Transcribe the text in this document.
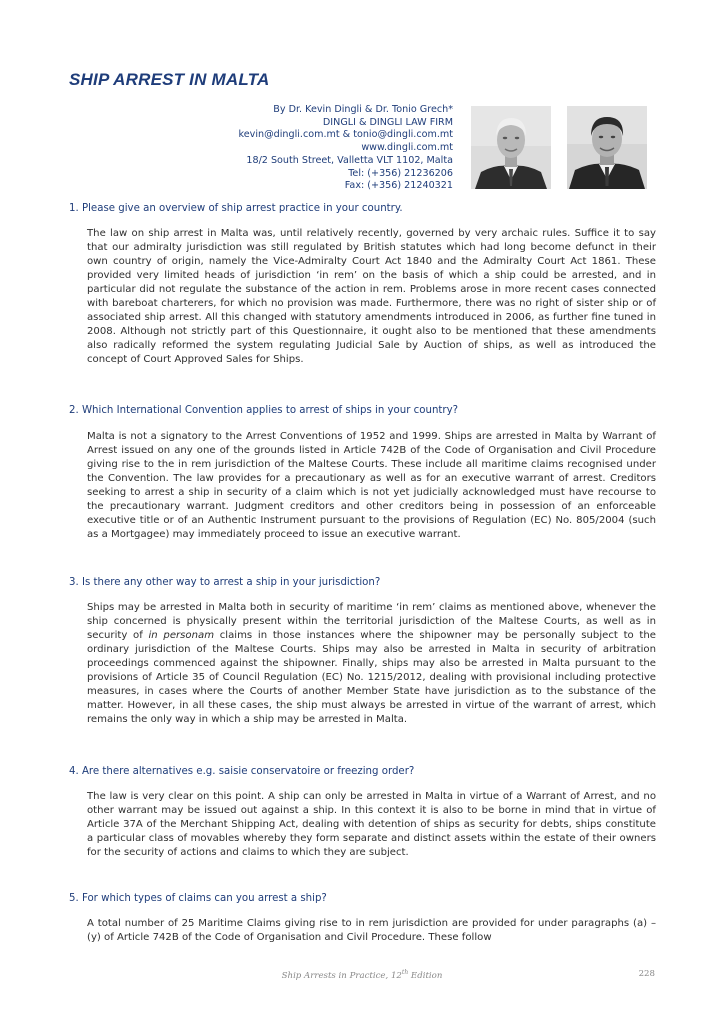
SHIP ARREST IN MALTA
By Dr. Kevin Dingli & Dr. Tonio Grech*
DINGLI & DINGLI LAW FIRM
kevin@dingli.com.mt & tonio@dingli.com.mt
www.dingli.com.mt
18/2 South Street, Valletta VLT 1102, Malta
Tel: (+356) 21236206
Fax: (+356) 21240321

1. Please give an overview of ship arrest practice in your country.

The law on ship arrest in Malta was, until relatively recently, governed by very archaic rules. Suffice it to say that our admiralty jurisdiction was still regulated by British statutes which had long become defunct in their own country of origin, namely the Vice-Admiralty Court Act 1840 and the Admiralty Court Act 1861. These provided very limited heads of jurisdiction ‘in rem’ on the basis of which a ship could be arrested, and in particular did not regulate the substance of the action in rem. Problems arose in more recent cases connected with bareboat charterers, for which no provision was made. Furthermore, there was no right of sister ship or of associated ship arrest. All this changed with statutory amendments introduced in 2006, as further fine tuned in 2008. Although not strictly part of this Questionnaire, it ought also to be mentioned that these amendments also radically reformed the system regulating Judicial Sale by Auction of ships, as well as introduced the concept of Court Approved Sales for Ships.

2. Which International Convention applies to arrest of ships in your country?

Malta is not a signatory to the Arrest Conventions of 1952 and 1999. Ships are arrested in Malta by Warrant of Arrest issued on any one of the grounds listed in Article 742B of the Code of Organisation and Civil Procedure giving rise to the in rem jurisdiction of the Maltese Courts. These include all maritime claims recognised under the Convention. The law provides for a precautionary as well as for an executive warrant of arrest. Creditors seeking to arrest a ship in security of a claim which is not yet judicially acknowledged must have recourse to the precautionary warrant. Judgment creditors and other creditors being in possession of an enforceable executive title or of an Authentic Instrument pursuant to the provisions of Regulation (EC) No. 805/2004 (such as a Mortgagee) may immediately proceed to issue an executive warrant.

3. Is there any other way to arrest a ship in your jurisdiction?

Ships may be arrested in Malta both in security of maritime ‘in rem’ claims as mentioned above, whenever the ship concerned is physically present within the territorial jurisdiction of the Maltese Courts, as well as in security of in personam claims in those instances where the shipowner may be personally subject to the ordinary jurisdiction of the Maltese Courts. Ships may also be arrested in Malta in security of arbitration proceedings commenced against the shipowner. Finally, ships may also be arrested in Malta pursuant to the provisions of Article 35 of Council Regulation (EC) No. 1215/2012, dealing with provisional including protective measures, in cases where the Courts of another Member State have jurisdiction as to the substance of the matter. However, in all these cases, the ship must always be arrested in virtue of the warrant of arrest, which remains the only way in which a ship may be arrested in Malta.

4. Are there alternatives e.g. saisie conservatoire or freezing order?

The law is very clear on this point. A ship can only be arrested in Malta in virtue of a Warrant of Arrest, and no other warrant may be issued out against a ship. In this context it is also to be borne in mind that in virtue of Article 37A of the Merchant Shipping Act, dealing with detention of ships as security for debts, ships constitute a particular class of movables whereby they form separate and distinct assets within the estate of their owners for the security of actions and claims to which they are subject.

5. For which types of claims can you arrest a ship?

A total number of 25 Maritime Claims giving rise to in rem jurisdiction are provided for under paragraphs (a) – (y) of Article 742B of the Code of Organisation and Civil Procedure. These follow

Ship Arrests in Practice, 12th Edition	228
